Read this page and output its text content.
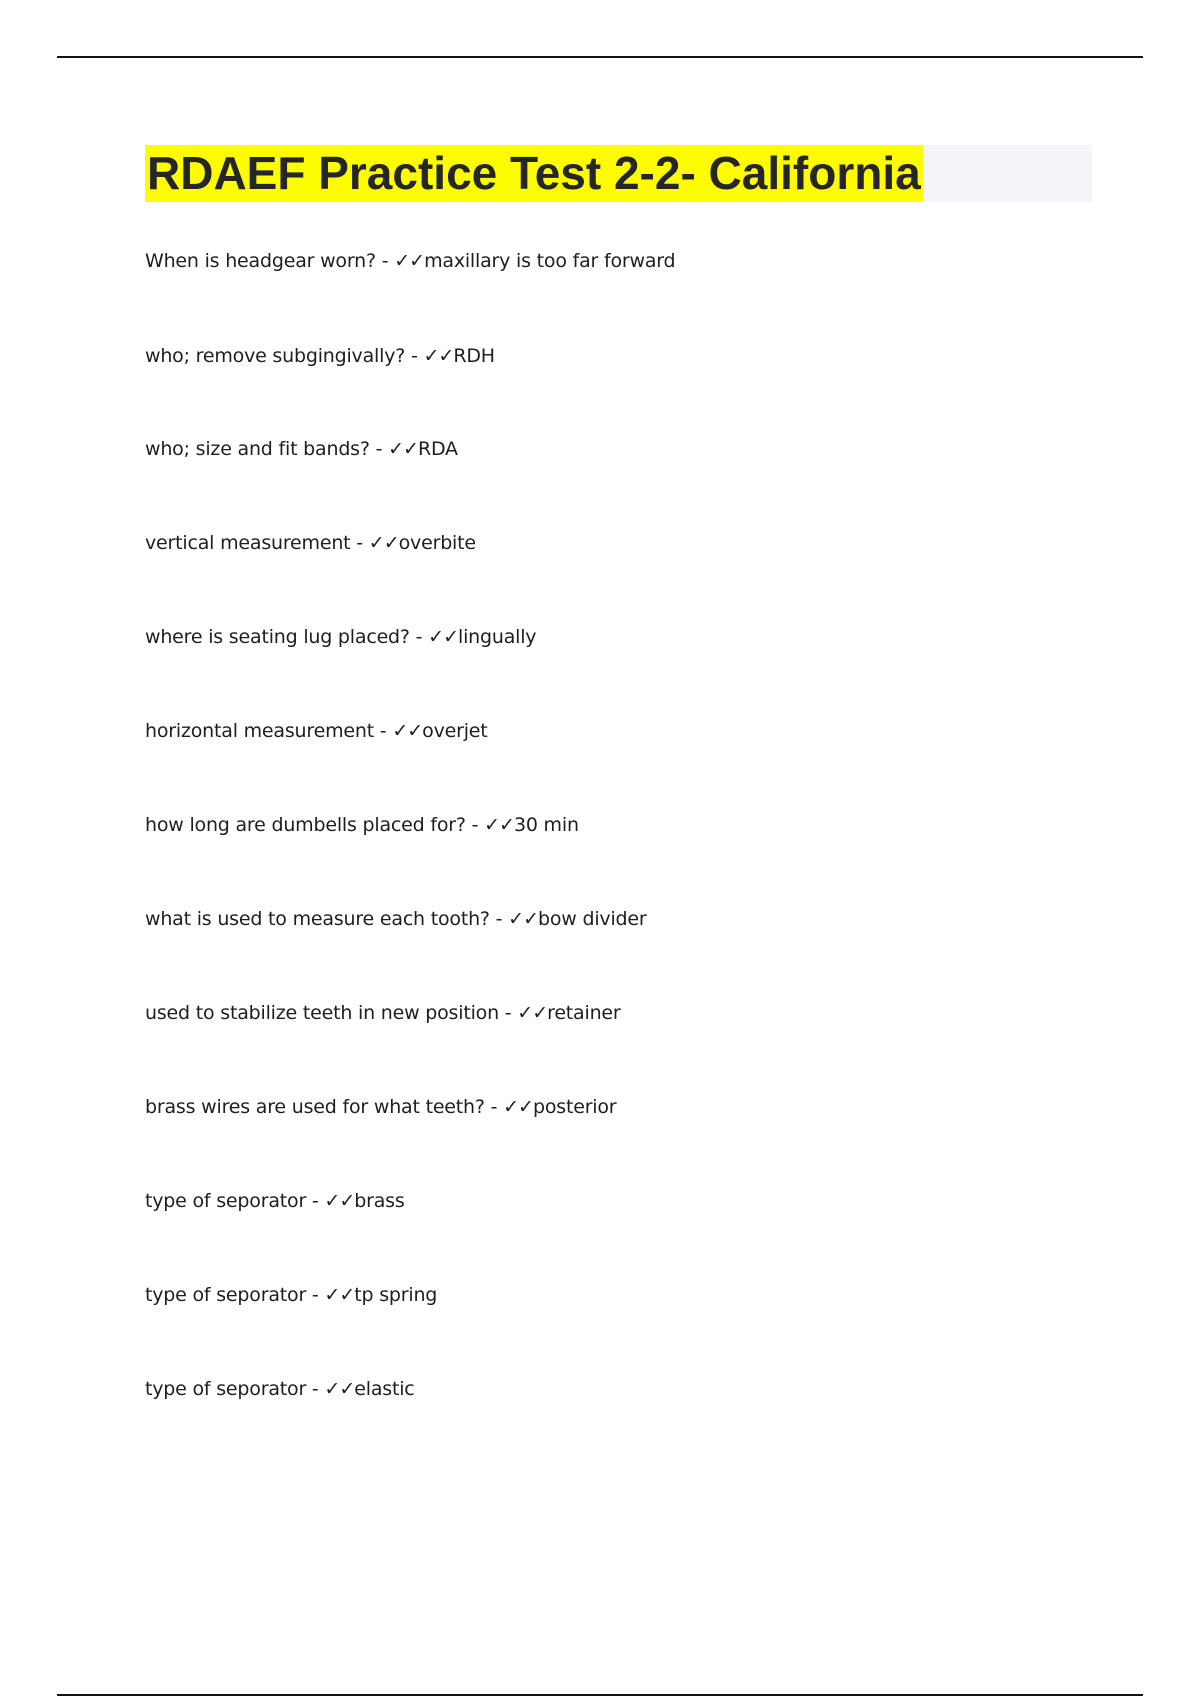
RDAEF Practice Test 2-2- California
When is headgear worn? - ✓✓maxillary is too far forward
who; remove subgingivally? - ✓✓RDH
who; size and fit bands? - ✓✓RDA
vertical measurement - ✓✓overbite
where is seating lug placed? - ✓✓lingually
horizontal measurement - ✓✓overjet
how long are dumbells placed for? - ✓✓30 min
what is used to measure each tooth? - ✓✓bow divider
used to stabilize teeth in new position - ✓✓retainer
brass wires are used for what teeth? - ✓✓posterior
type of seporator - ✓✓brass
type of seporator - ✓✓tp spring
type of seporator - ✓✓elastic
